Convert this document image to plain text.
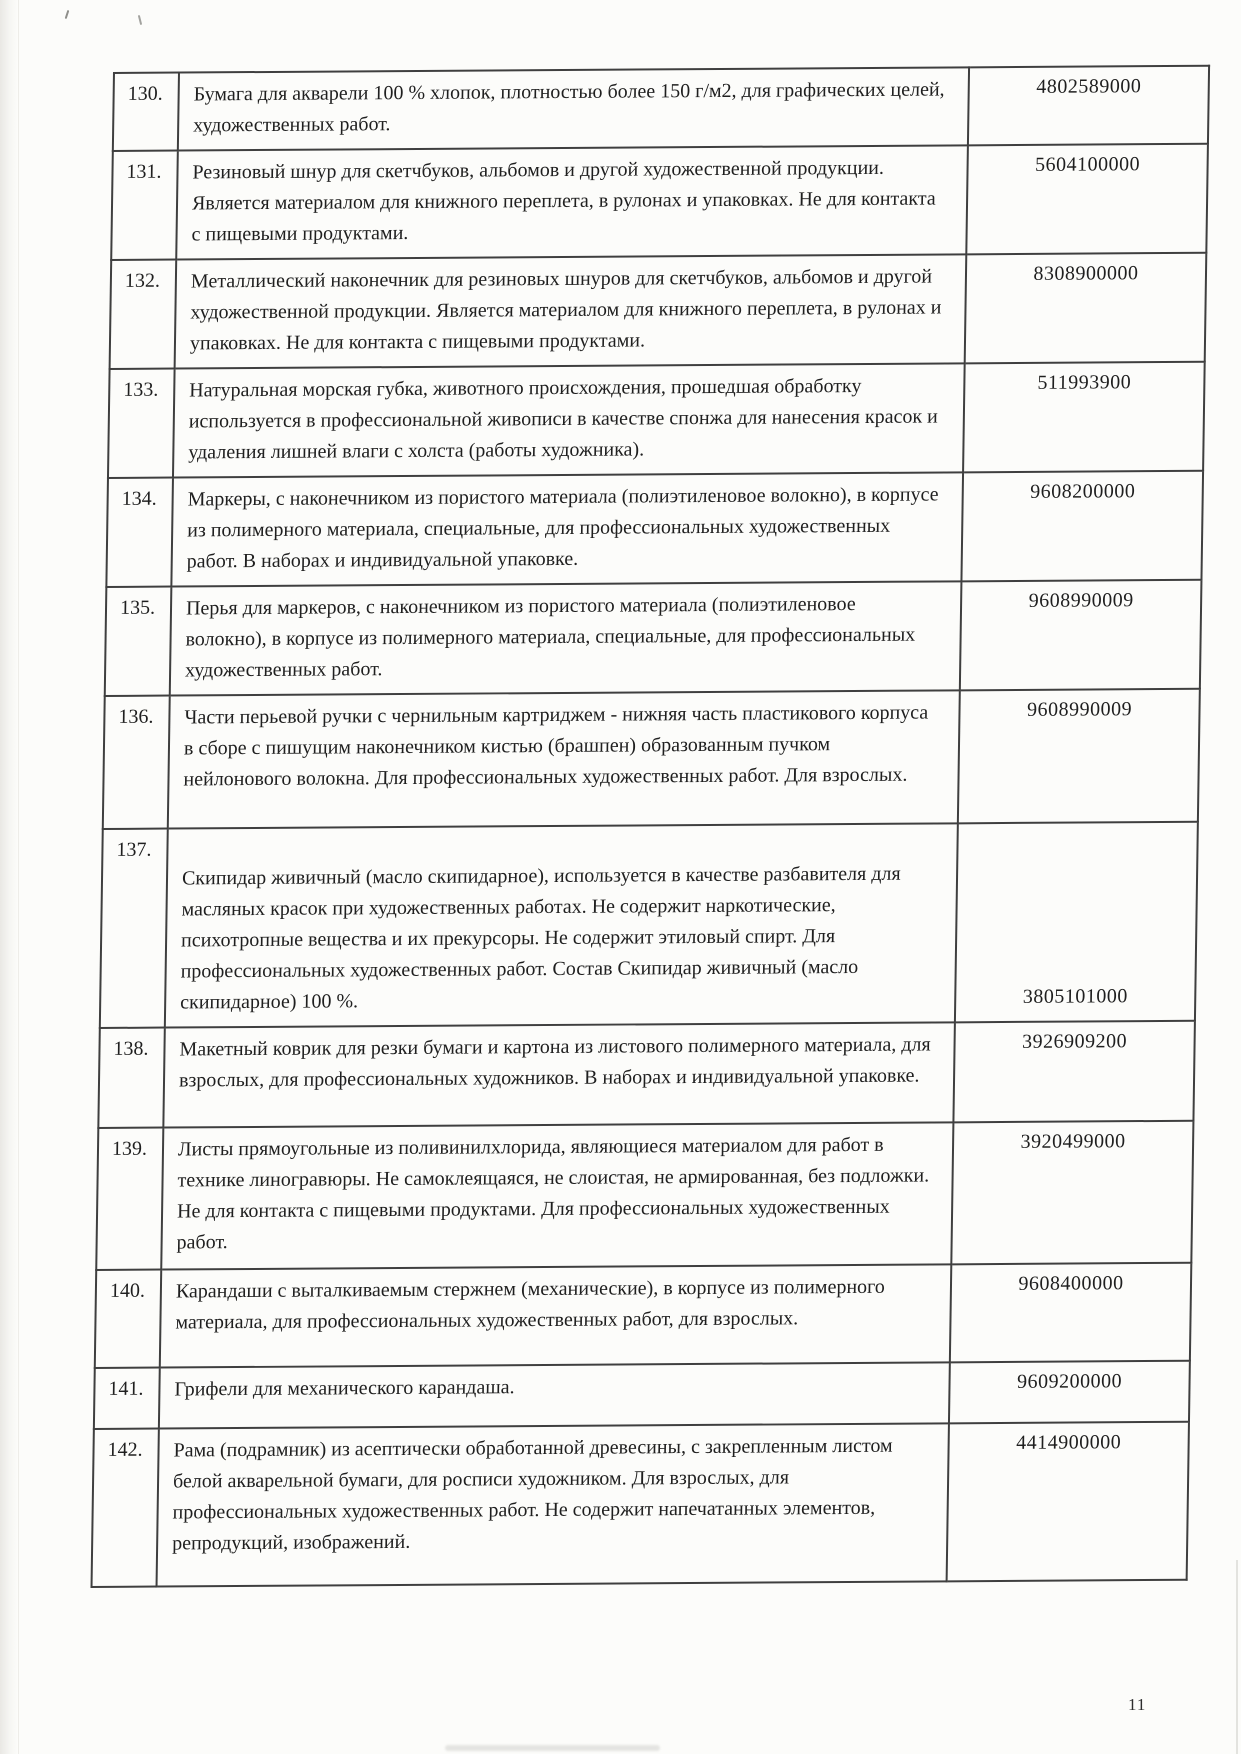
130.	Бумага для акварели 100 % хлопок, плотностью более 150 г/м2, для графических целей, художественных работ.	4802589000
131.	Резиновый шнур для скетчбуков, альбомов и другой художественной продукции. Является материалом для книжного переплета, в рулонах и упаковках. Не для контакта с пищевыми продуктами.	5604100000
132.	Металлический наконечник для резиновых шнуров для скетчбуков, альбомов и другой художественной продукции. Является материалом для книжного переплета, в рулонах и упаковках. Не для контакта с пищевыми продуктами.	8308900000
133.	Натуральная морская губка, животного происхождения, прошедшая обработку используется в профессиональной живописи в качестве спонжа для нанесения красок и удаления лишней влаги с холста (работы художника).	511993900
134.	Маркеры, с наконечником из пористого материала (полиэтиленовое волокно), в корпусе из полимерного материала, специальные, для профессиональных художественных работ. В наборах и индивидуальной упаковке.	9608200000
135.	Перья для маркеров, с наконечником из пористого материала (полиэтиленовое волокно), в корпусе из полимерного материала, специальные, для профессиональных художественных работ.	9608990009
136.	Части перьевой ручки с чернильным картриджем - нижняя часть пластикового корпуса в сборе с пишущим наконечником кистью (брашпен) образованным пучком нейлонового волокна. Для профессиональных художественных работ. Для взрослых.	9608990009
137.	Скипидар живичный (масло скипидарное), используется в качестве разбавителя для масляных красок при художественных работах. Не содержит наркотические, психотропные вещества и их прекурсоры. Не содержит этиловый спирт. Для профессиональных художественных работ. Состав Скипидар живичный (масло скипидарное) 100 %.	3805101000
138.	Макетный коврик для резки бумаги и картона из листового полимерного материала, для взрослых, для профессиональных художников. В наборах и индивидуальной упаковке.	3926909200
139.	Листы прямоугольные из поливинилхлорида, являющиеся материалом для работ в технике линогравюры. Не самоклеящаяся, не слоистая, не армированная, без подложки. Не для контакта с пищевыми продуктами. Для профессиональных художественных работ.	3920499000
140.	Карандаши с выталкиваемым стержнем (механические), в корпусе из полимерного материала, для профессиональных художественных работ, для взрослых.	9608400000
141.	Грифели для механического карандаша.	9609200000
142.	Рама (подрамник) из асептически обработанной древесины, с закрепленным листом белой акварельной бумаги, для росписи художником. Для взрослых, для профессиональных художественных работ. Не содержит напечатанных элементов, репродукций, изображений.	4414900000
11
